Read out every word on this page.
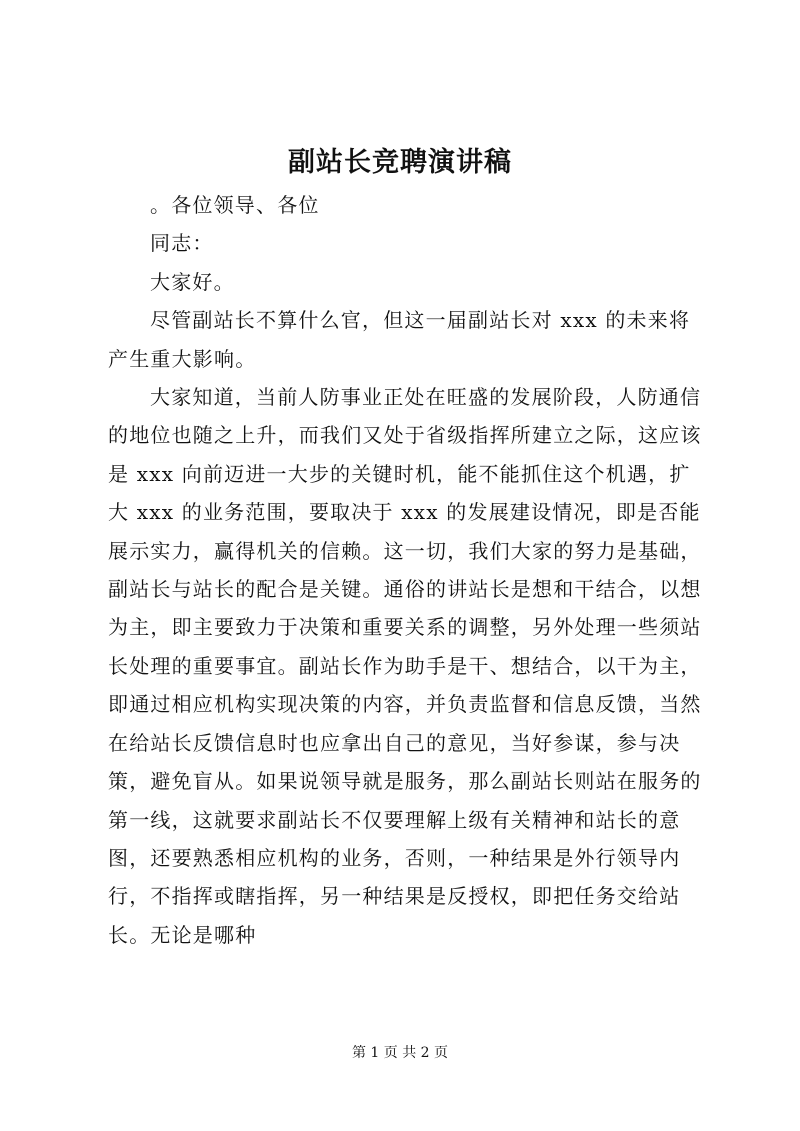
副站长竞聘演讲稿

。各位领导、各位

同志：

大家好。

尽管副站长不算什么官，但这一届副站长对 xxx 的未来将产生重大影响。

大家知道，当前人防事业正处在旺盛的发展阶段，人防通信的地位也随之上升，而我们又处于省级指挥所建立之际，这应该是 xxx 向前迈进一大步的关键时机，能不能抓住这个机遇，扩大 xxx 的业务范围，要取决于 xxx 的发展建设情况，即是否能展示实力，赢得机关的信赖。这一切，我们大家的努力是基础，副站长与站长的配合是关键。通俗的讲站长是想和干结合，以想为主，即主要致力于决策和重要关系的调整，另外处理一些须站长处理的重要事宜。副站长作为助手是干、想结合，以干为主，即通过相应机构实现决策的内容，并负责监督和信息反馈，当然在给站长反馈信息时也应拿出自己的意见，当好参谋，参与决策，避免盲从。如果说领导就是服务，那么副站长则站在服务的第一线，这就要求副站长不仅要理解上级有关精神和站长的意图，还要熟悉相应机构的业务，否则，一种结果是外行领导内行，不指挥或瞎指挥，另一种结果是反授权，即把任务交给站长。无论是哪种

第 1 页 共 2 页
